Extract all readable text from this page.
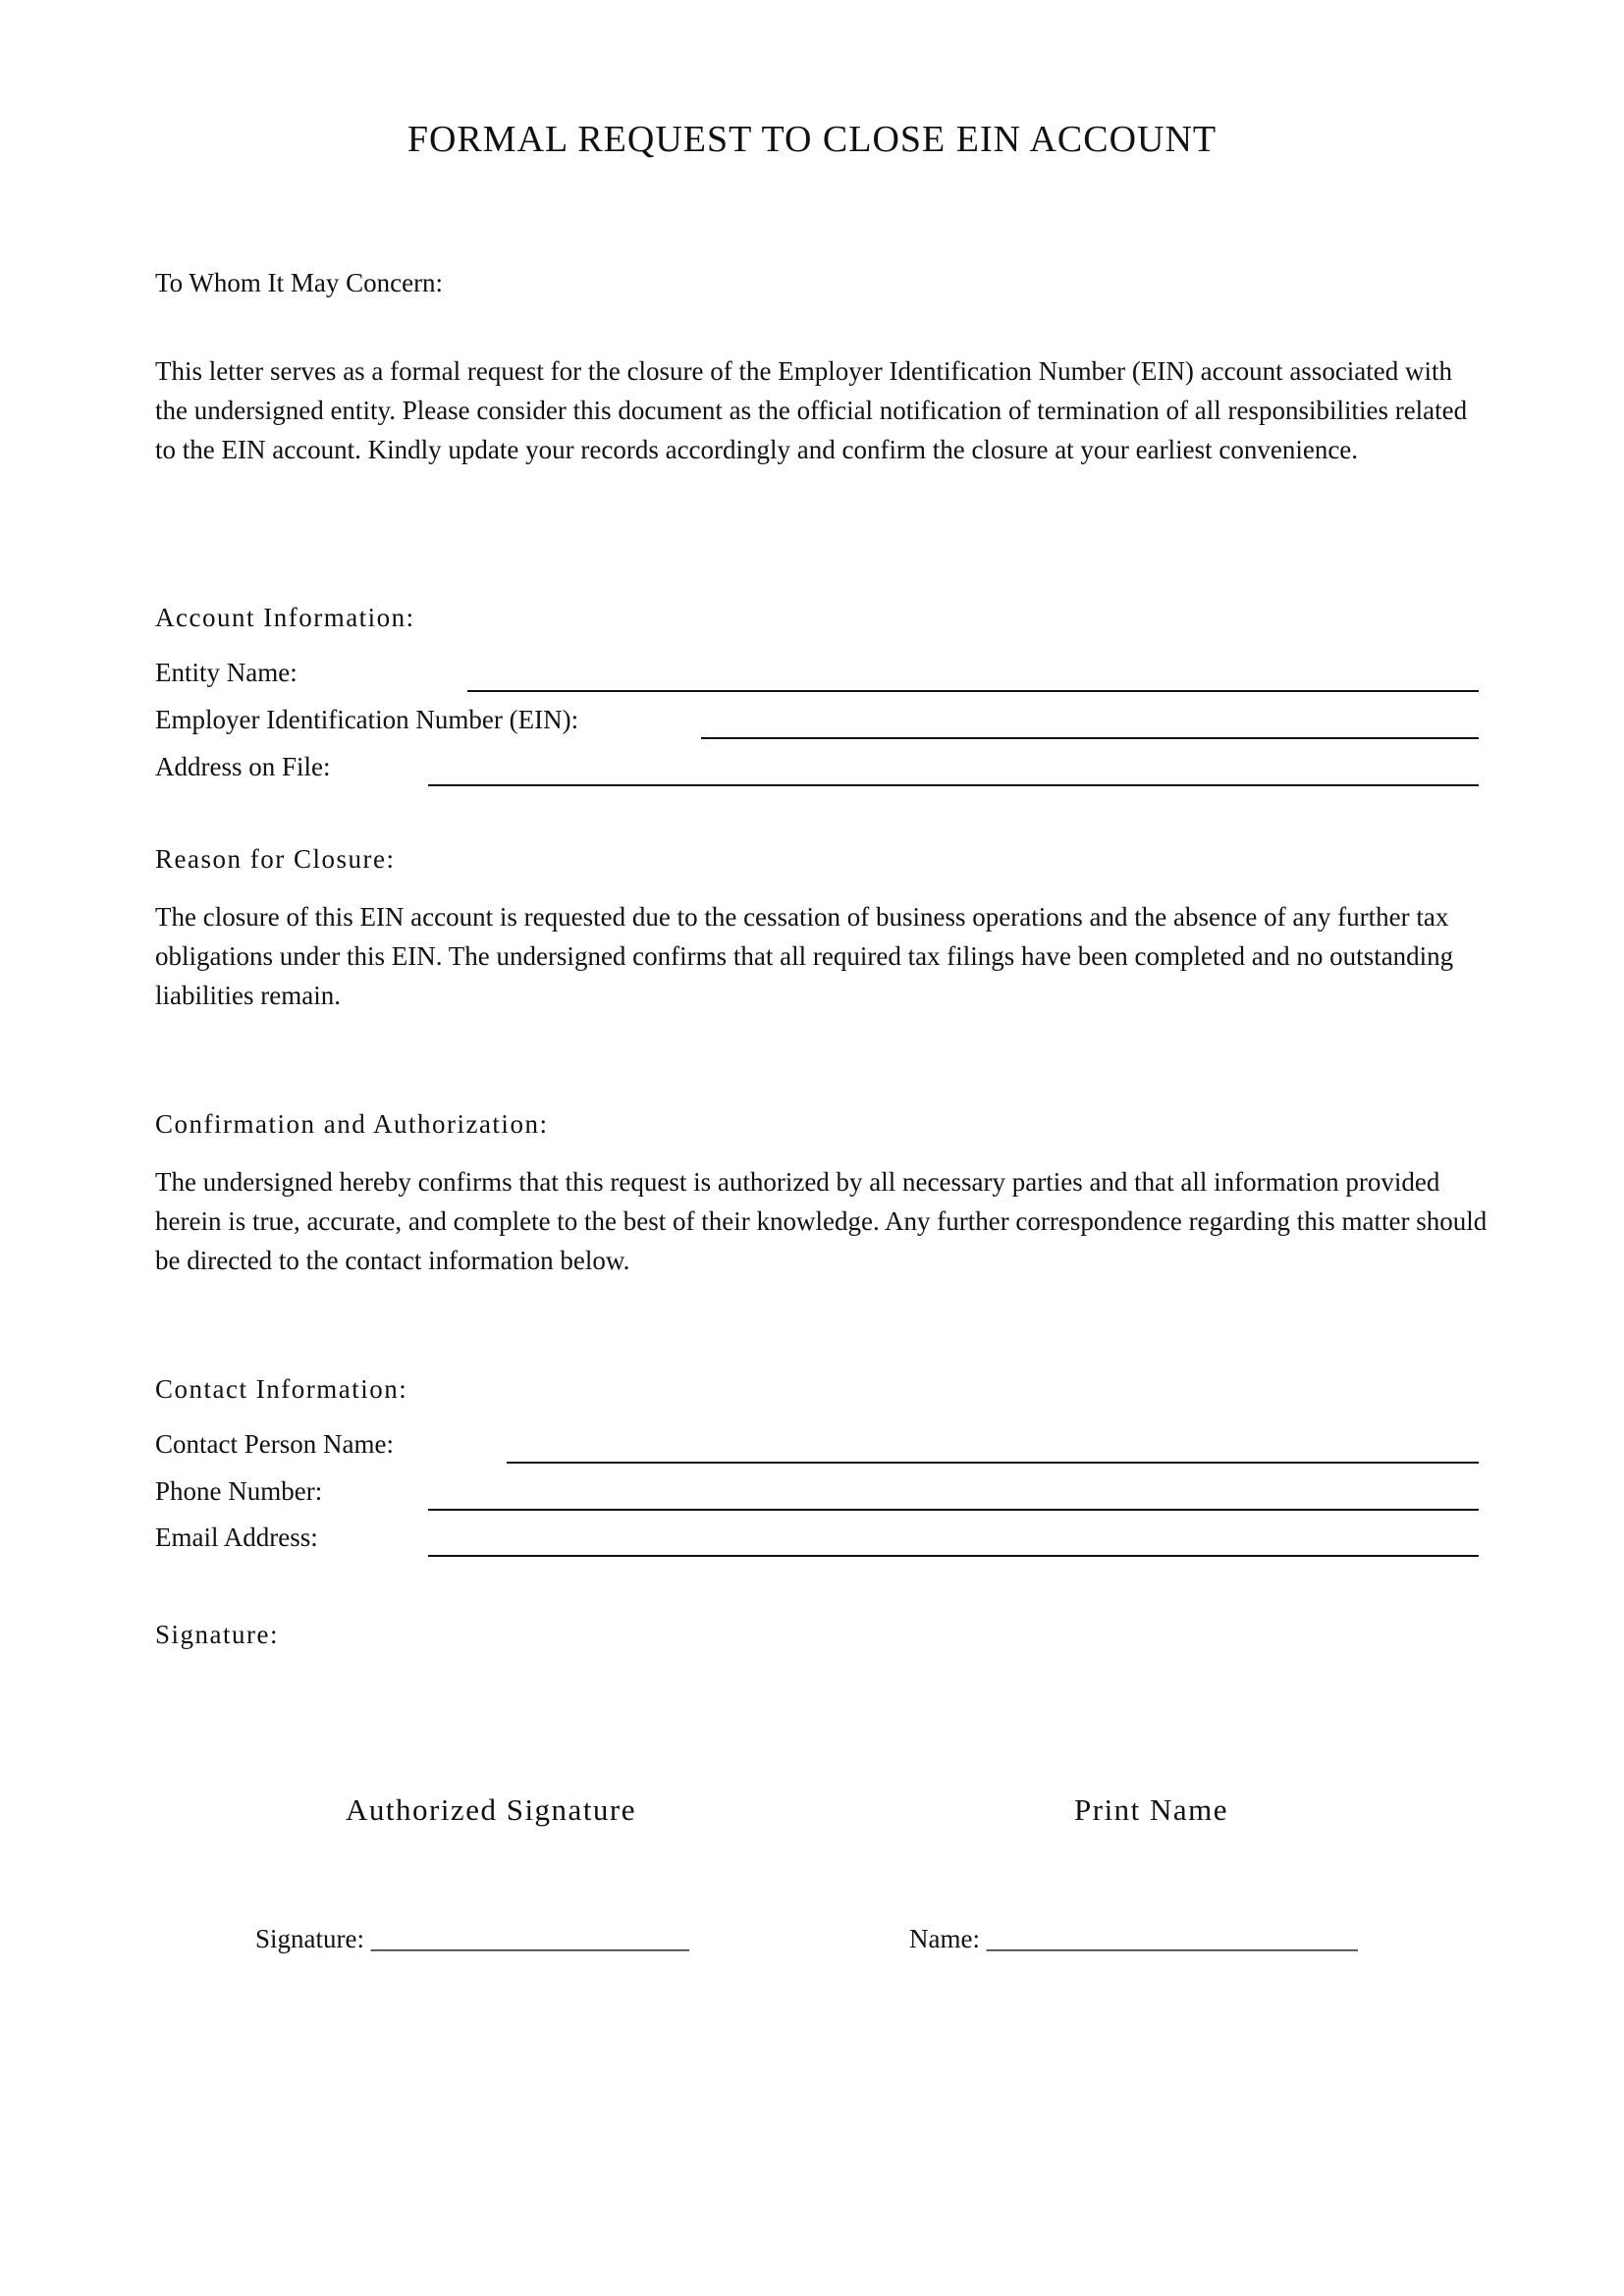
FORMAL REQUEST TO CLOSE EIN ACCOUNT
To Whom It May Concern:

This letter serves as a formal request for the closure of the Employer Identification Number (EIN) account associated with the undersigned entity. Please consider this document as the official notification of termination of all responsibilities related to the EIN account. Kindly update your records accordingly and confirm the closure at your earliest convenience.

Account Information:
Entity Name:
Employer Identification Number (EIN):
Address on File:
Reason for Closure:

The closure of this EIN account is requested due to the cessation of business operations and the absence of any further tax obligations under this EIN. The undersigned confirms that all required tax filings have been completed and no outstanding liabilities remain.

Confirmation and Authorization:

The undersigned hereby confirms that this request is authorized by all necessary parties and that all information provided herein is true, accurate, and complete to the best of their knowledge. Any further correspondence regarding this matter should be directed to the contact information below.

Contact Information:
Contact Person Name:
Phone Number:
Email Address:
Signature:
Authorized Signature	Print Name
Signature: ________________________	Name: ____________________________
